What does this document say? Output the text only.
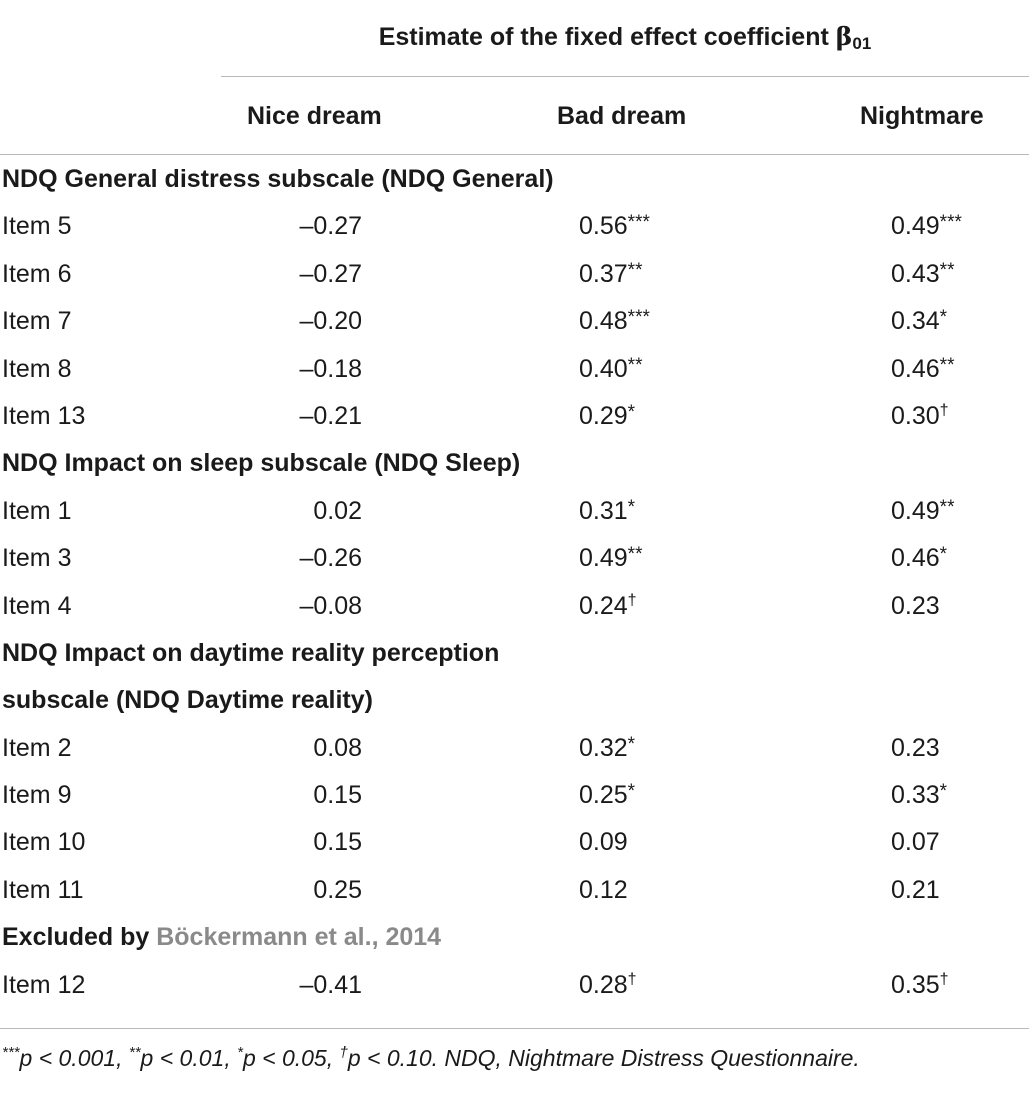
Estimate of the fixed effect coefficient $\beta_{01}$
Nice dream	Bad dream	Nightmare
NDQ General distress subscale (NDQ General)
Item 5	–0.27	0.56***	0.49***
Item 6	–0.27	0.37**	0.43**
Item 7	–0.20	0.48***	0.34*
Item 8	–0.18	0.40**	0.46**
Item 13	–0.21	0.29*	0.30†
NDQ Impact on sleep subscale (NDQ Sleep)
Item 1	0.02	0.31*	0.49**
Item 3	–0.26	0.49**	0.46*
Item 4	–0.08	0.24†	0.23
NDQ Impact on daytime reality perception
subscale (NDQ Daytime reality)
Item 2	0.08	0.32*	0.23
Item 9	0.15	0.25*	0.33*
Item 10	0.15	0.09	0.07
Item 11	0.25	0.12	0.21
Excluded by Böckermann et al., 2014
Item 12	–0.41	0.28†	0.35†
***p < 0.001, **p < 0.01, *p < 0.05, †p < 0.10. NDQ, Nightmare Distress Questionnaire.
